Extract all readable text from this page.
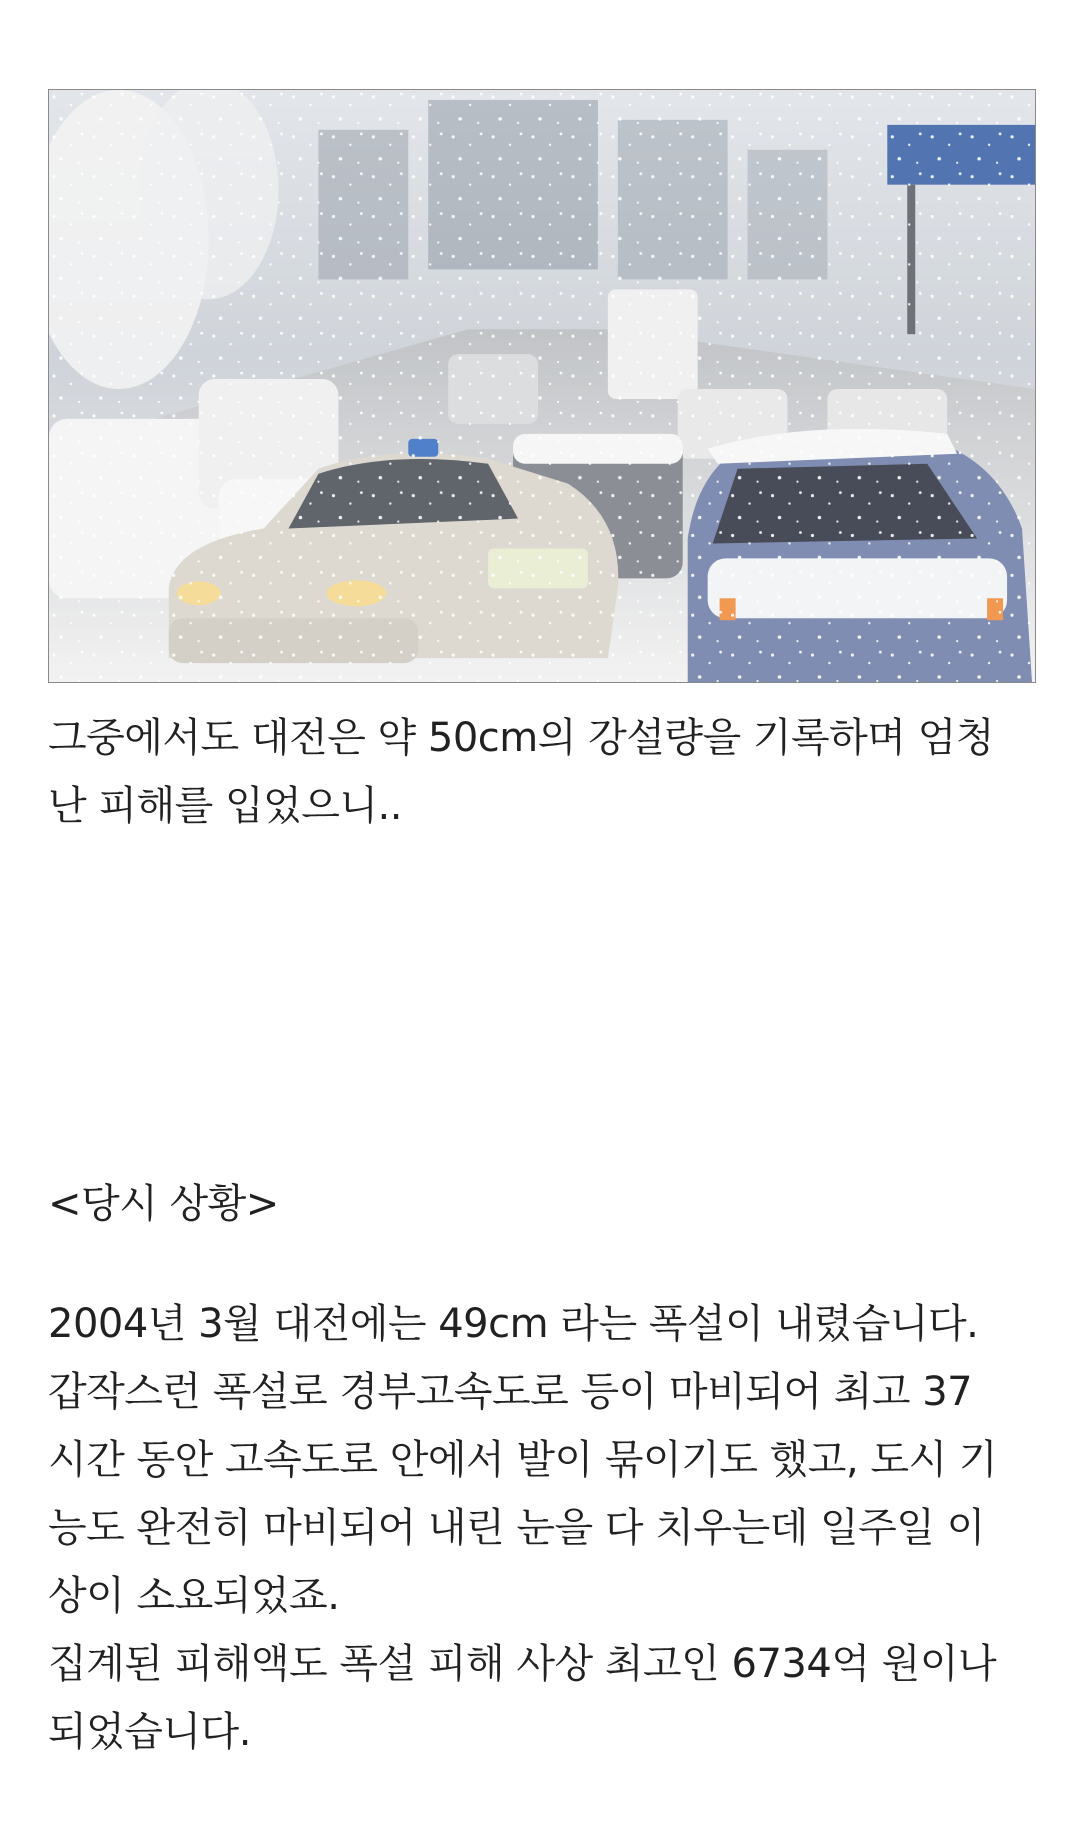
그중에서도 대전은 약 50cm의 강설량을 기록하며 엄청
난 피해를 입었으니..

<당시 상황>

2004년 3월 대전에는 49cm 라는 폭설이 내렸습니다.
갑작스런 폭설로 경부고속도로 등이 마비되어 최고 37
시간 동안 고속도로 안에서 발이 묶이기도 했고, 도시 기
능도 완전히 마비되어 내린 눈을 다 치우는데 일주일 이
상이 소요되었죠.
집계된 피해액도 폭설 피해 사상 최고인 6734억 원이나
되었습니다.
